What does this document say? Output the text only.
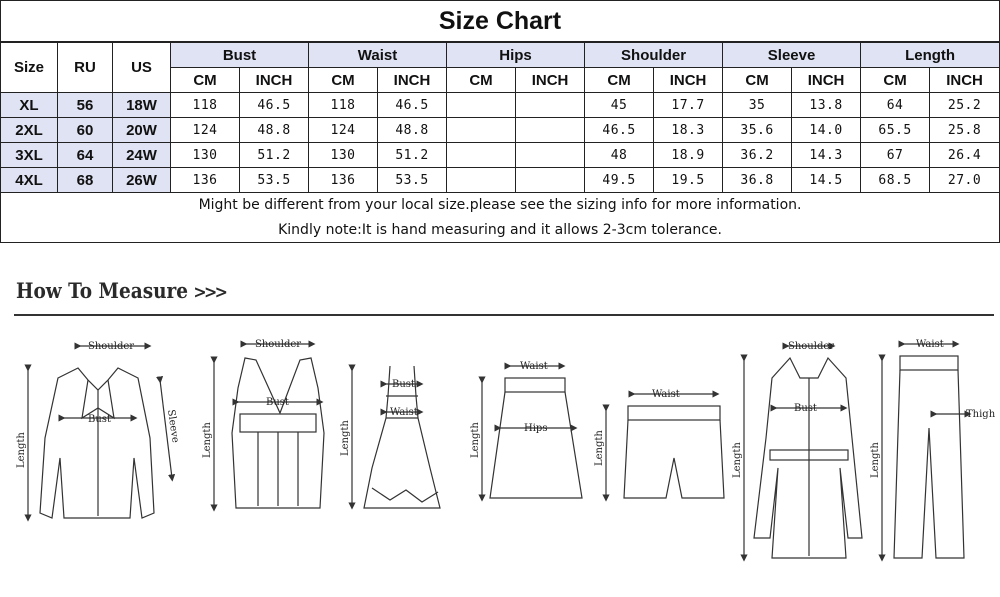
Size Chart
Size	RU	US	Bust		Waist		Hips		Shoulder		Sleeve		Length	
			CM	INCH	CM	INCH	CM	INCH	CM	INCH	CM	INCH	CM	INCH
XL	56	18W	118	46.5	118	46.5			45	17.7	35	13.8	64	25.2
2XL	60	20W	124	48.8	124	48.8			46.5	18.3	35.6	14.0	65.5	25.8
3XL	64	24W	130	51.2	130	51.2			48	18.9	36.2	14.3	67	26.4
4XL	68	26W	136	53.5	136	53.5			49.5	19.5	36.8	14.5	68.5	27.0
Might be different from your local size.please see the sizing info for more information.														
Kindly note:It is hand measuring and it allows 2-3cm tolerance.														
How To Measure >>>
Shoulder
Bust	Sleeve
Length
Shoulder
Bust
Length
Bust
Waist
Length
Waist
Hips
Length
Waist
Length
Shoulder
Bust
Length
Waist
Thigh
Length
